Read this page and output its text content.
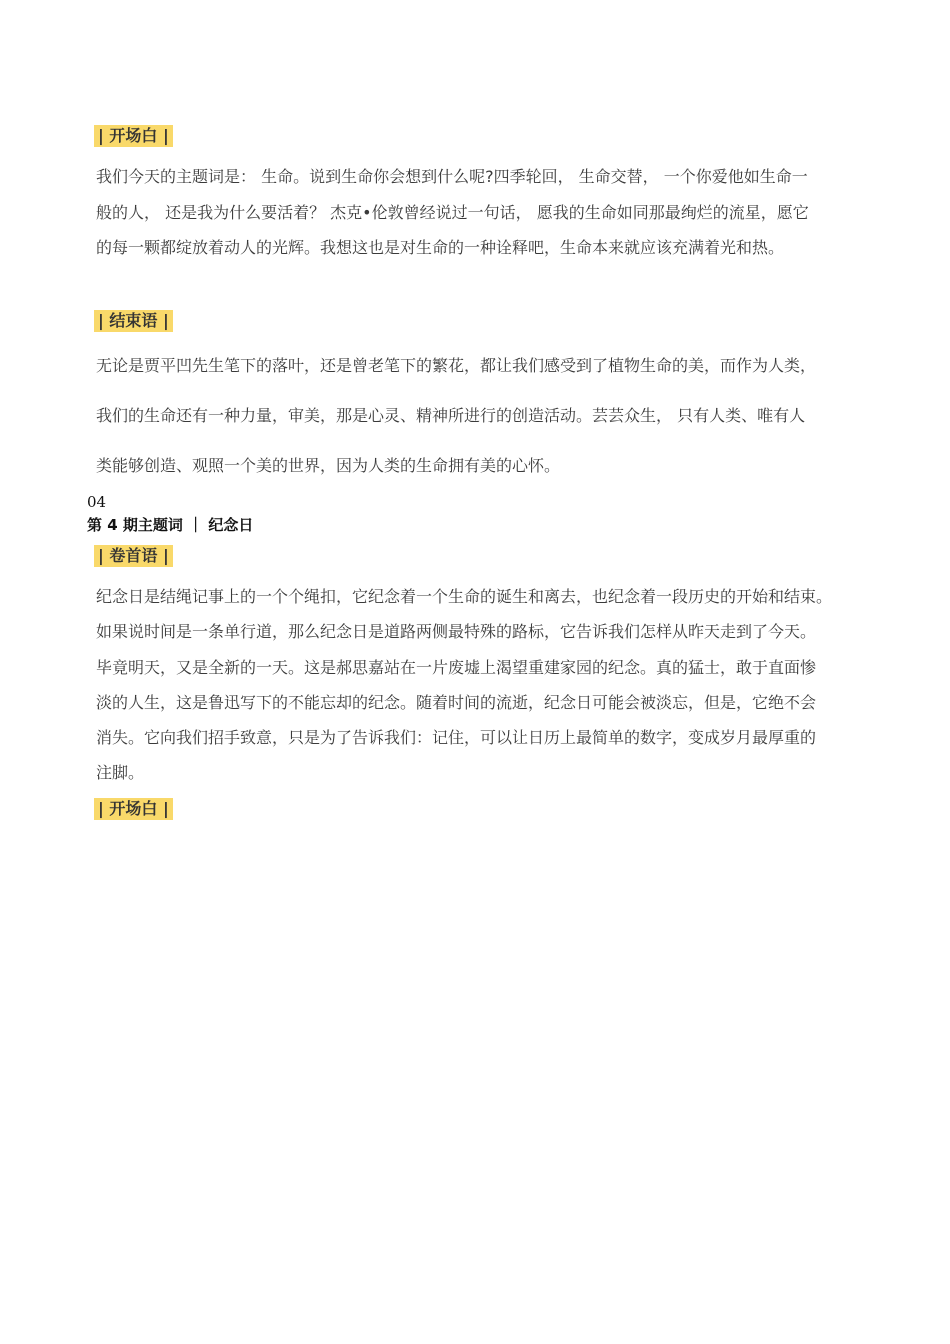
| 开场白 |
我们今天的主题词是： 生命。说到生命你会想到什么呢?四季轮回， 生命交替， 一个你爱他如生命一
般的人， 还是我为什么要活着？ 杰克•伦敦曾经说过一句话， 愿我的生命如同那最绚烂的流星，愿它
的每一颗都绽放着动人的光辉。我想这也是对生命的一种诠释吧，生命本来就应该充满着光和热。
| 结束语 |
无论是贾平凹先生笔下的落叶，还是曾老笔下的繁花，都让我们感受到了植物生命的美，而作为人类，
我们的生命还有一种力量，审美，那是心灵、精神所进行的创造活动。芸芸众生， 只有人类、唯有人
类能够创造、观照一个美的世界，因为人类的生命拥有美的心怀。
04
第 4 期主题词 ｜ 纪念日
| 卷首语 |
纪念日是结绳记事上的一个个绳扣，它纪念着一个生命的诞生和离去，也纪念着一段历史的开始和结束。
如果说时间是一条单行道，那么纪念日是道路两侧最特殊的路标，它告诉我们怎样从昨天走到了今天。
毕竟明天，又是全新的一天。这是郝思嘉站在一片废墟上渴望重建家园的纪念。真的猛士，敢于直面惨
淡的人生，这是鲁迅写下的不能忘却的纪念。随着时间的流逝，纪念日可能会被淡忘，但是，它绝不会
消失。它向我们招手致意，只是为了告诉我们：记住，可以让日历上最简单的数字，变成岁月最厚重的
注脚。
| 开场白 |
